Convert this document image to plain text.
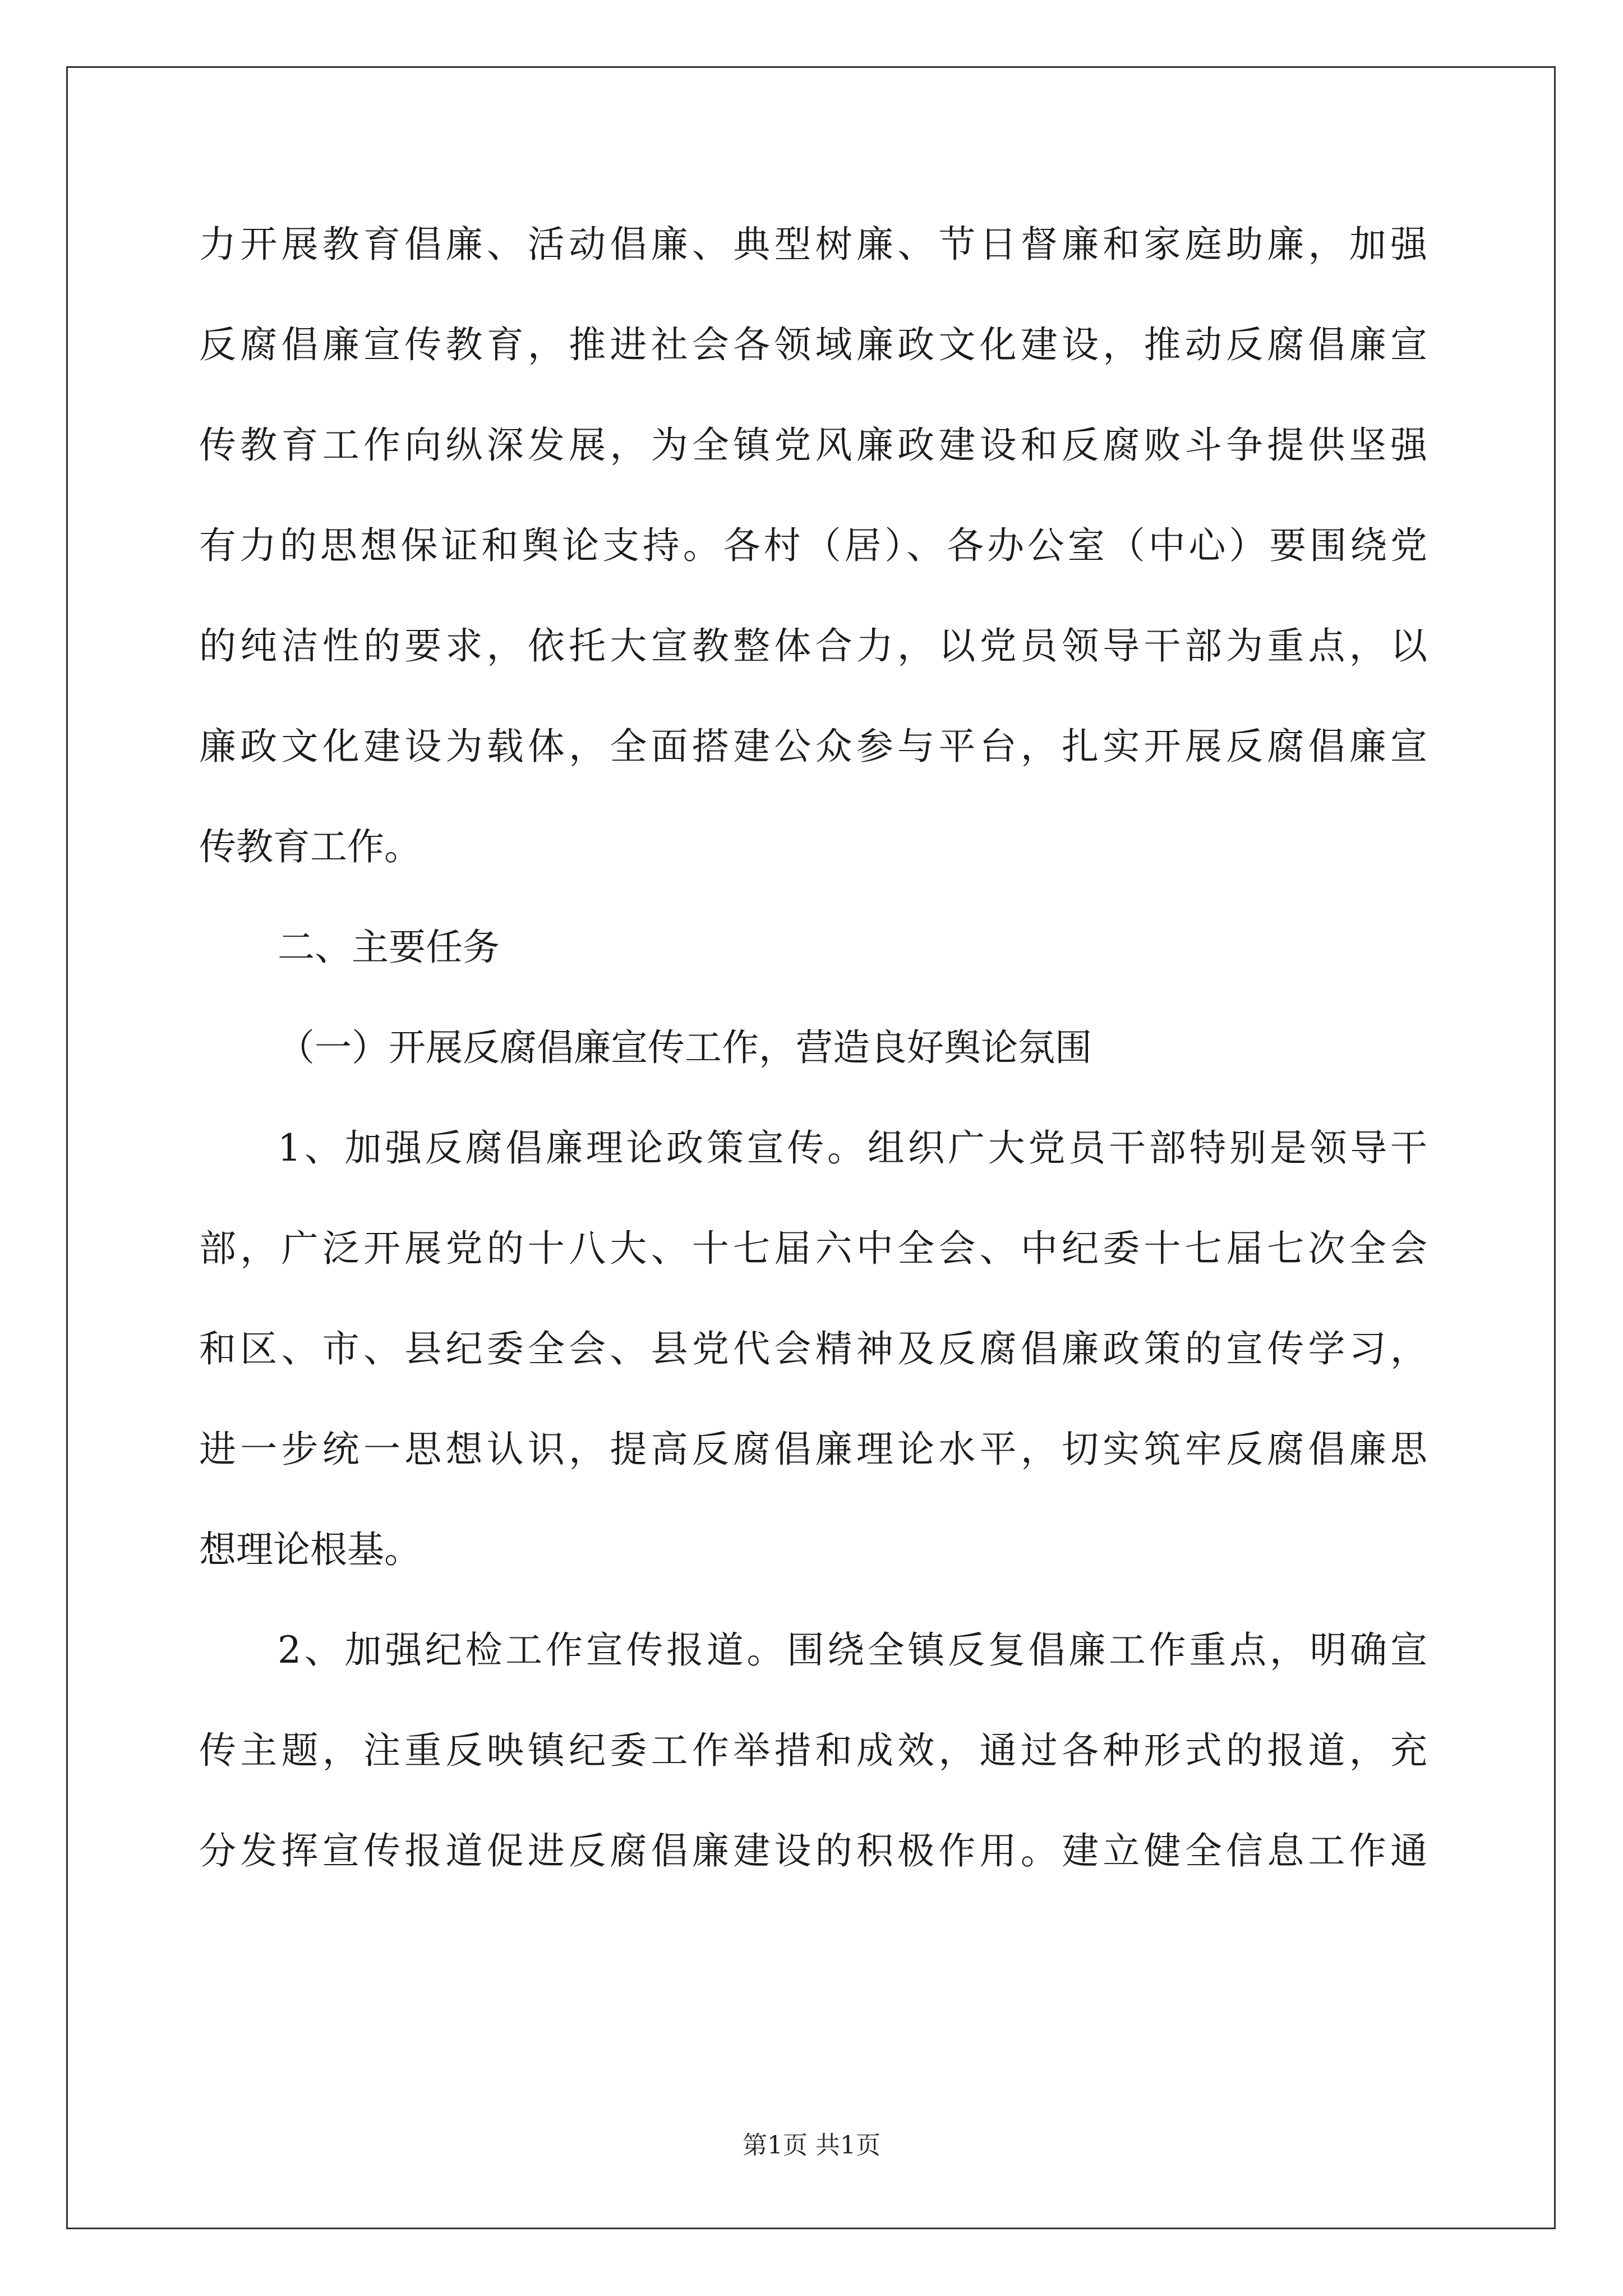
力开展教育倡廉、活动倡廉、典型树廉、节日督廉和家庭助廉，加强
反腐倡廉宣传教育，推进社会各领域廉政文化建设，推动反腐倡廉宣
传教育工作向纵深发展，为全镇党风廉政建设和反腐败斗争提供坚强
有力的思想保证和舆论支持。各村（居）、各办公室（中心）要围绕党
的纯洁性的要求，依托大宣教整体合力，以党员领导干部为重点，以
廉政文化建设为载体，全面搭建公众参与平台，扎实开展反腐倡廉宣
传教育工作。
二、主要任务
（一）开展反腐倡廉宣传工作，营造良好舆论氛围
1、加强反腐倡廉理论政策宣传。组织广大党员干部特别是领导干
部，广泛开展党的十八大、十七届六中全会、中纪委十七届七次全会
和区、市、县纪委全会、县党代会精神及反腐倡廉政策的宣传学习，
进一步统一思想认识，提高反腐倡廉理论水平，切实筑牢反腐倡廉思
想理论根基。
2、加强纪检工作宣传报道。围绕全镇反复倡廉工作重点，明确宣
传主题，注重反映镇纪委工作举措和成效，通过各种形式的报道，充
分发挥宣传报道促进反腐倡廉建设的积极作用。建立健全信息工作通
第1页 共1页
